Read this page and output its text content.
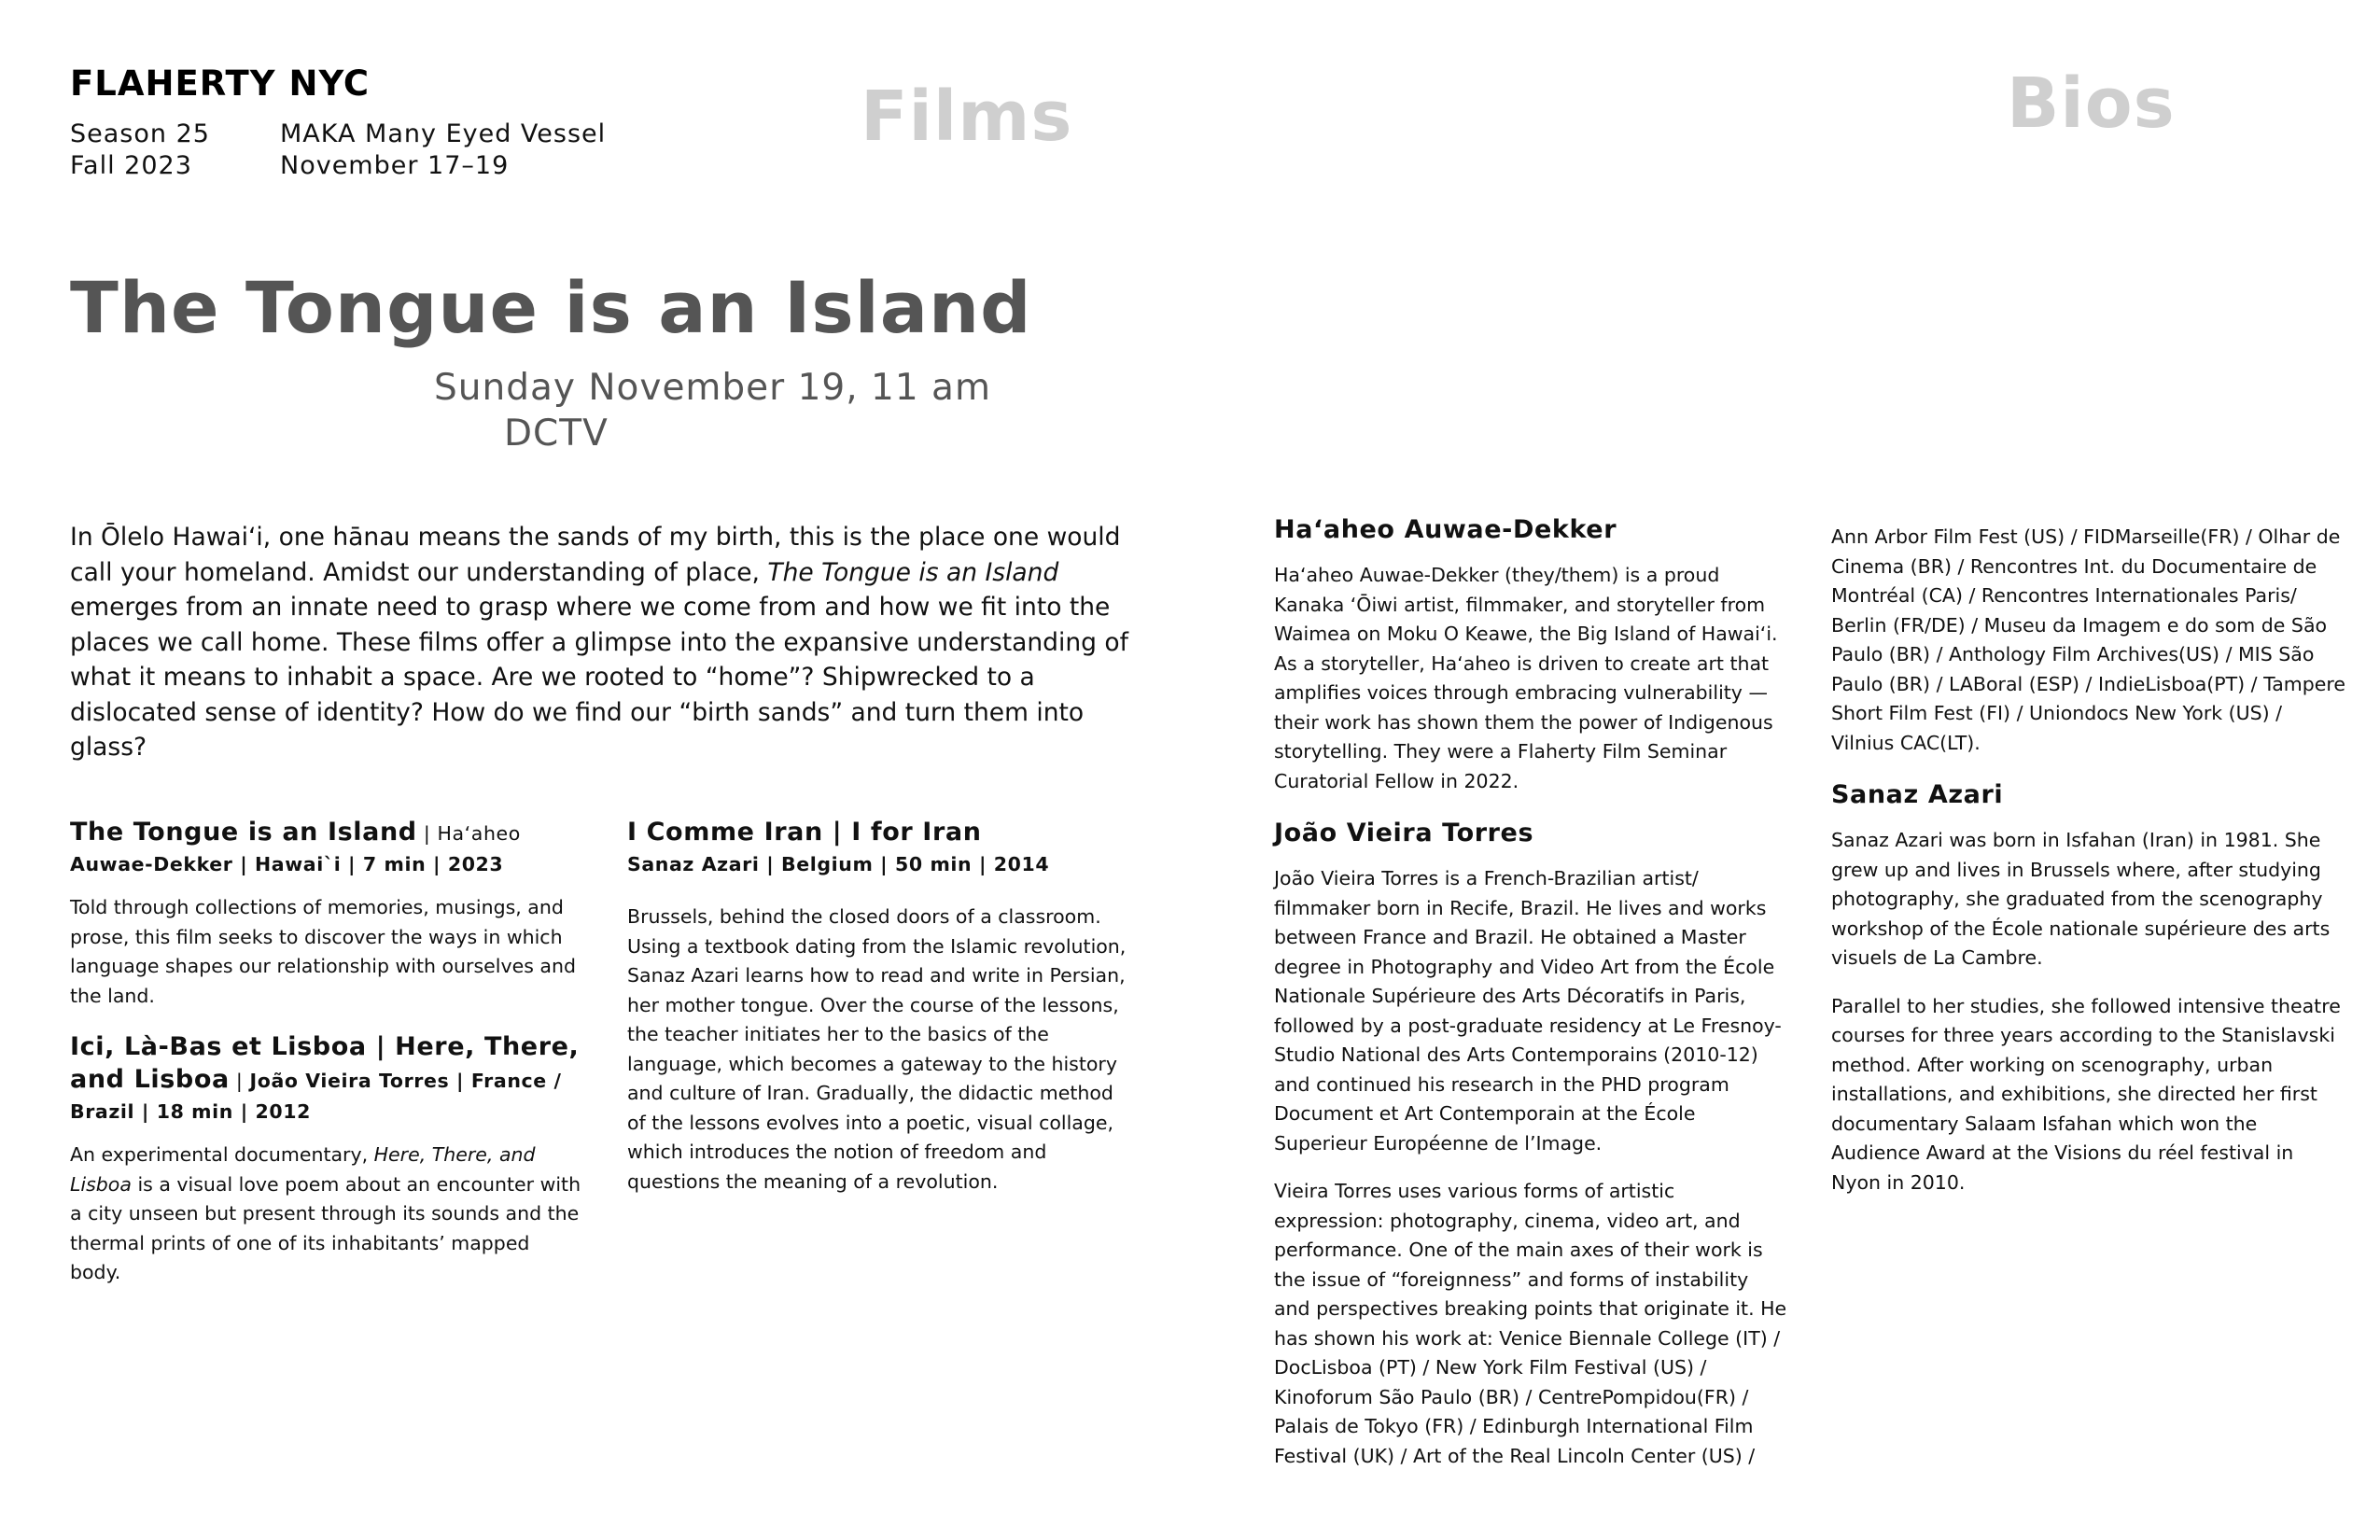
FLAHERTY NYC
Season 25
Fall 2023
MAKA Many Eyed Vessel
November 17–19
Films	Bios
The Tongue is an Island
Sunday November 19, 11 am
DCTV
In Ōlelo Hawaiʻi, one hānau means the sands of my birth, this is the place one would call your homeland. Amidst our understanding of place, The Tongue is an Island emerges from an innate need to grasp where we come from and how we fit into the places we call home. These films offer a glimpse into the expansive understanding of what it means to inhabit a space. Are we rooted to “home”? Shipwrecked to a dislocated sense of identity? How do we find our “birth sands” and turn them into glass?
The Tongue is an Island | Haʻaheo
Auwae-Dekker | Hawai`i | 7 min | 2023
Told through collections of memories, musings, and prose, this film seeks to discover the ways in which language shapes our relationship with ourselves and the land.
Ici, Là-Bas et Lisboa | Here, There, and Lisboa | João Vieira Torres | France /
Brazil | 18 min | 2012
An experimental documentary, Here, There, and Lisboa is a visual love poem about an encounter with a city unseen but present through its sounds and the thermal prints of one of its inhabitants’ mapped body.
I Comme Iran | I for Iran
Sanaz Azari | Belgium | 50 min | 2014
Brussels, behind the closed doors of a classroom. Using a textbook dating from the Islamic revolution, Sanaz Azari learns how to read and write in Persian, her mother tongue. Over the course of the lessons, the teacher initiates her to the basics of the language, which becomes a gateway to the history and culture of Iran. Gradually, the didactic method of the lessons evolves into a poetic, visual collage, which introduces the notion of freedom and questions the meaning of a revolution.
Haʻaheo Auwae-Dekker

Haʻaheo Auwae-Dekker (they/them) is a proud Kanaka ʻŌiwi artist, filmmaker, and storyteller from Waimea on Moku O Keawe, the Big Island of Hawaiʻi. As a storyteller, Haʻaheo is driven to create art that amplifies voices through embracing vulnerability — their work has shown them the power of Indigenous storytelling. They were a Flaherty Film Seminar Curatorial Fellow in 2022.

João Vieira Torres

João Vieira Torres is a French-Brazilian artist/ filmmaker born in Recife, Brazil. He lives and works between France and Brazil. He obtained a Master degree in Photography and Video Art from the École Nationale Supérieure des Arts Décoratifs in Paris, followed by a post-graduate residency at Le Fresnoy-Studio National des Arts Contemporains (2010-12) and continued his research in the PHD program Document et Art Contemporain at the École Superieur Européenne de l’Image.

Vieira Torres uses various forms of artistic expression: photography, cinema, video art, and performance. One of the main axes of their work is the issue of “foreignness” and forms of instability and perspectives breaking points that originate it. He has shown his work at: Venice Biennale College (IT) / DocLisboa (PT) / New York Film Festival (US) / Kinoforum São Paulo (BR) / CentrePompidou(FR) / Palais de Tokyo (FR) / Edinburgh International Film Festival (UK) / Art of the Real Lincoln Center (US) /

Ann Arbor Film Fest (US) / FIDMarseille(FR) / Olhar de Cinema (BR) / Rencontres Int. du Documentaire de Montréal (CA) / Rencontres Internationales Paris/ Berlin (FR/DE) / Museu da Imagem e do som de São Paulo (BR) / Anthology Film Archives(US) / MIS São Paulo (BR) / LABoral (ESP) / IndieLisboa(PT) / Tampere Short Film Fest (FI) / Uniondocs New York (US) / Vilnius CAC(LT).

Sanaz Azari

Sanaz Azari was born in Isfahan (Iran) in 1981. She grew up and lives in Brussels where, after studying photography, she graduated from the scenography workshop of the École nationale supérieure des arts visuels de La Cambre.

Parallel to her studies, she followed intensive theatre courses for three years according to the Stanislavski method. After working on scenography, urban installations, and exhibitions, she directed her first documentary Salaam Isfahan which won the Audience Award at the Visions du réel festival in Nyon in 2010.
